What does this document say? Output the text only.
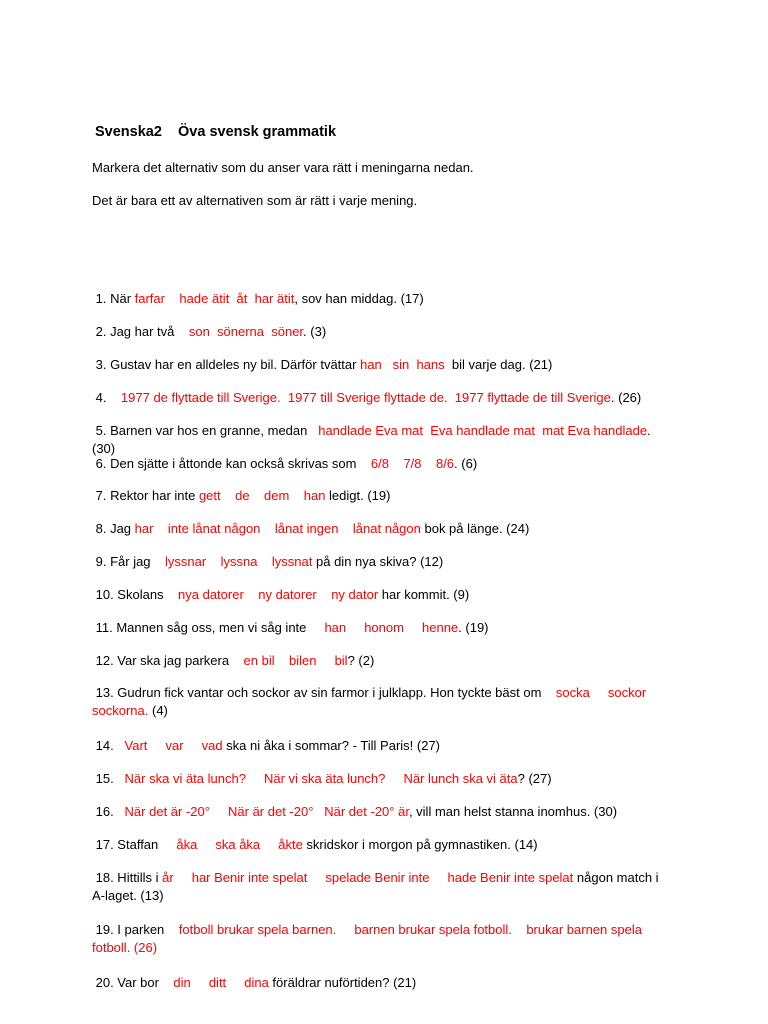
Svenska2    Öva svensk grammatik
Markera det alternativ som du anser vara rätt i meningarna nedan.
Det är bara ett av alternativen som är rätt i varje mening.
1. När farfar    hade ätit  åt  har ätit, sov han middag. (17)
2. Jag har två    son  sönerna  söner. (3)
3. Gustav har en alldeles ny bil. Därför tvättar han   sin  hans  bil varje dag. (21)
4.    1977 de flyttade till Sverige.  1977 till Sverige flyttade de.  1977 flyttade de till Sverige. (26)
5. Barnen var hos en granne, medan   handlade Eva mat  Eva handlade mat  mat Eva handlade. (30)
6. Den sjätte i åttonde kan också skrivas som    6/8    7/8    8/6. (6)
7. Rektor har inte gett    de    dem    han ledigt. (19)
8. Jag har    inte lånat någon    lånat ingen    lånat någon bok på länge. (24)
9. Får jag    lyssnar    lyssna    lyssnat på din nya skiva? (12)
10. Skolans    nya datorer    ny datorer    ny dator har kommit. (9)
11. Mannen såg oss, men vi såg inte     han     honom     henne. (19)
12. Var ska jag parkera    en bil    bilen     bil? (2)
13. Gudrun fick vantar och sockor av sin farmor i julklapp. Hon tyckte bäst om    socka     sockor     sockorna. (4)
14.   Vart     var     vad ska ni åka i sommar? - Till Paris! (27)
15.   När ska vi äta lunch?     När vi ska äta lunch?     När lunch ska vi äta? (27)
16.   När det är -20°     När är det -20°   När det -20° är, vill man helst stanna inomhus. (30)
17. Staffan     åka     ska åka     åkte skridskor i morgon på gymnastiken. (14)
18. Hittills i år     har Benir inte spelat     spelade Benir inte     hade Benir inte spelat någon match i A-laget. (13)
19. I parken    fotboll brukar spela barnen.     barnen brukar spela fotboll.    brukar barnen spela fotboll. (26)
20. Var bor    din     ditt     dina föräldrar nuförtiden? (21)
